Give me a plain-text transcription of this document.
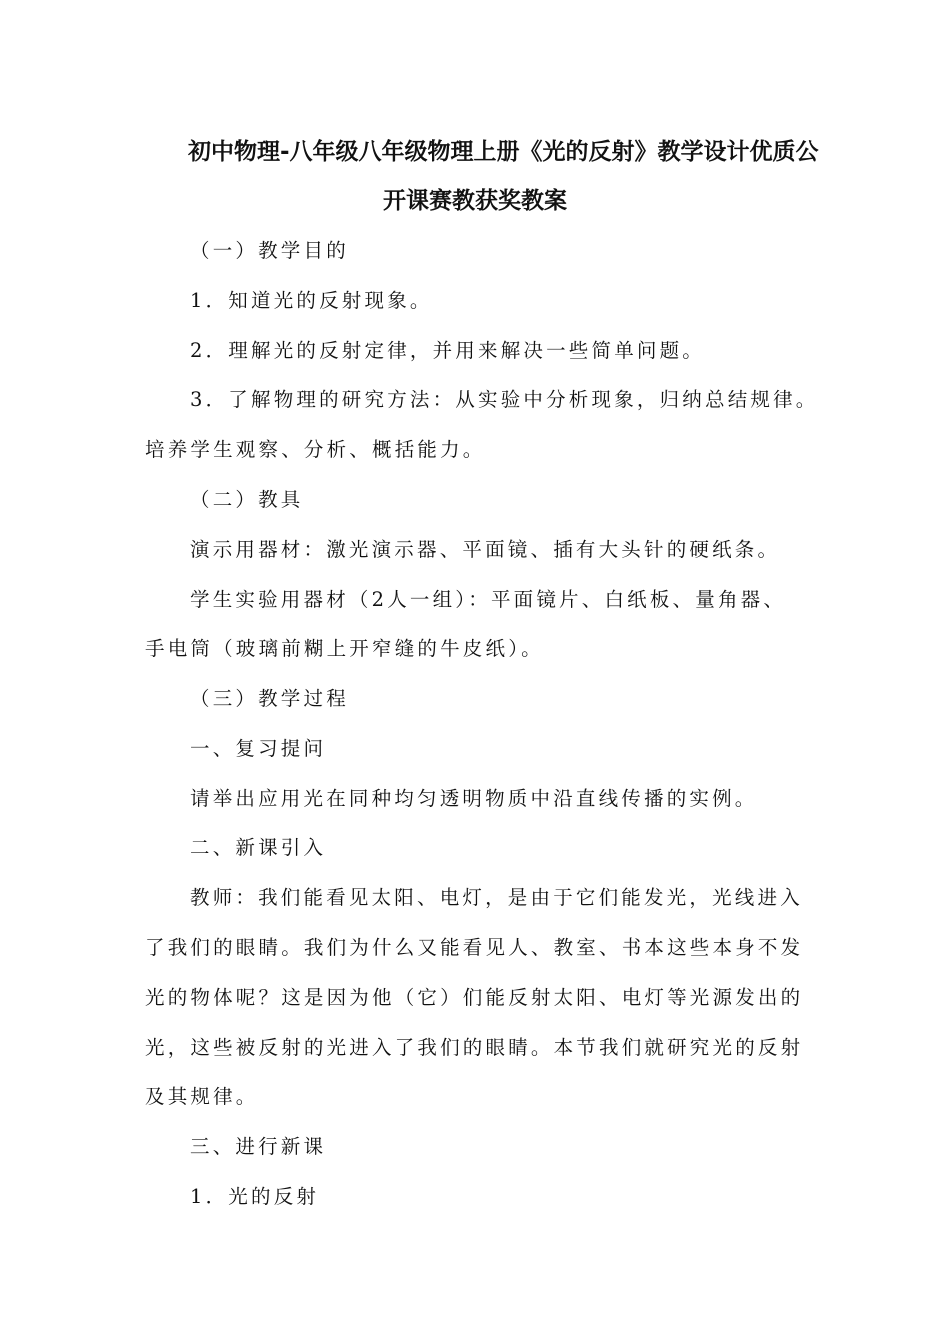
初中物理-八年级八年级物理上册《光的反射》教学设计优质公
开课赛教获奖教案
（一）教学目的
1．知道光的反射现象。
2．理解光的反射定律，并用来解决一些简单问题。
3．了解物理的研究方法：从实验中分析现象，归纳总结规律。
培养学生观察、分析、概括能力。
（二）教具
演示用器材：激光演示器、平面镜、插有大头针的硬纸条。
学生实验用器材（2人一组）：平面镜片、白纸板、量角器、
手电筒（玻璃前糊上开窄缝的牛皮纸）。
（三）教学过程
一、复习提问
请举出应用光在同种均匀透明物质中沿直线传播的实例。
二、新课引入
教师：我们能看见太阳、电灯，是由于它们能发光，光线进入
了我们的眼睛。我们为什么又能看见人、教室、书本这些本身不发
光的物体呢？这是因为他（它）们能反射太阳、电灯等光源发出的
光，这些被反射的光进入了我们的眼睛。本节我们就研究光的反射
及其规律。
三、进行新课
1．光的反射
